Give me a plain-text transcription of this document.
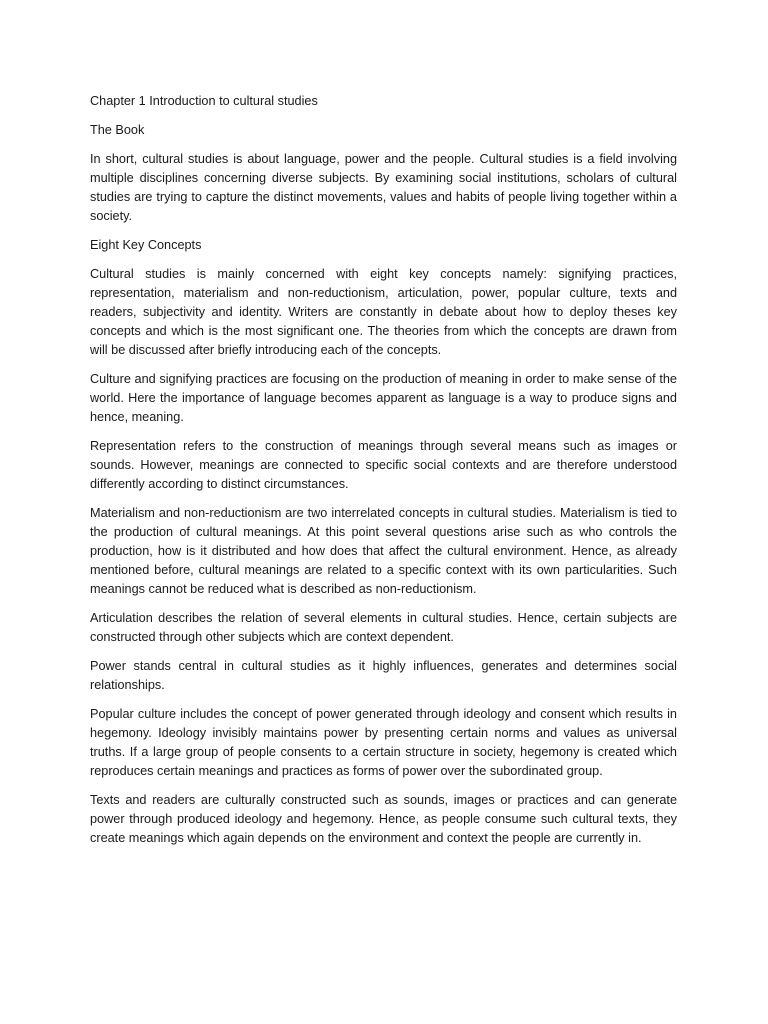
Chapter 1 Introduction to cultural studies

The Book

In short, cultural studies is about language, power and the people. Cultural studies is a field involving multiple disciplines concerning diverse subjects. By examining social institutions, scholars of cultural studies are trying to capture the distinct movements, values and habits of people living together within a society.

Eight Key Concepts

Cultural studies is mainly concerned with eight key concepts namely: signifying practices, representation, materialism and non-reductionism, articulation, power, popular culture, texts and readers, subjectivity and identity. Writers are constantly in debate about how to deploy theses key concepts and which is the most significant one. The theories from which the concepts are drawn from will be discussed after briefly introducing each of the concepts.

Culture and signifying practices are focusing on the production of meaning in order to make sense of the world. Here the importance of language becomes apparent as language is a way to produce signs and hence, meaning.

Representation refers to the construction of meanings through several means such as images or sounds. However, meanings are connected to specific social contexts and are therefore understood differently according to distinct circumstances.

Materialism and non-reductionism are two interrelated concepts in cultural studies. Materialism is tied to the production of cultural meanings. At this point several questions arise such as who controls the production, how is it distributed and how does that affect the cultural environment. Hence, as already mentioned before, cultural meanings are related to a specific context with its own particularities. Such meanings cannot be reduced what is described as non-reductionism.

Articulation describes the relation of several elements in cultural studies. Hence, certain subjects are constructed through other subjects which are context dependent.

Power stands central in cultural studies as it highly influences, generates and determines social relationships.

Popular culture includes the concept of power generated through ideology and consent which results in hegemony. Ideology invisibly maintains power by presenting certain norms and values as universal truths. If a large group of people consents to a certain structure in society, hegemony is created which reproduces certain meanings and practices as forms of power over the subordinated group.

Texts and readers are culturally constructed such as sounds, images or practices and can generate power through produced ideology and hegemony. Hence, as people consume such cultural texts, they create meanings which again depends on the environment and context the people are currently in.
